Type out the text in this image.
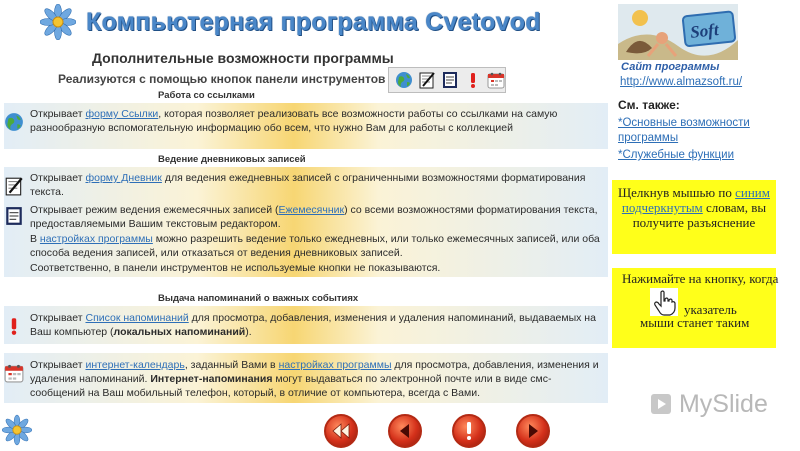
Компьютерная программа Cvetovod
Дополнительные возможности программы
Реализуются с помощью кнопок панели инструментов
Работа со ссылками
Открывает форму Ссылки, которая позволяет реализовать все возможности работы со ссылками на самую разнообразную вспомогательную информацию обо всем, что нужно Вам для работы с коллекцией
Ведение дневниковых записей
Открывает форму Дневник для ведения ежедневных записей с ограниченными возможностями форматирования текста.
Открывает режим ведения ежемесячных записей (Ежемесячник) со всеми возможностями форматирования текста, предоставляемыми Вашим текстовым редактором.
В настройках программы можно разрешить ведение только ежедневных, или только ежемесячных записей, или оба способа ведения записей, или отказаться от ведения дневниковых записей.
Соответственно, в панели инструментов не используемые кнопки не показываются.
Выдача напоминаний о важных событиях
Открывает Список напоминаний для просмотра, добавления, изменения и удаления напоминаний, выдаваемых на Ваш компьютер (локальных напоминаний).
Открывает интернет-календарь, заданный Вами в настройках программы для просмотра, добавления, изменения и удаления напоминаний. Интернет-напоминания могут выдаваться по электронной почте или в виде смс-сообщений на Ваш мобильный телефон, который, в отличие от компьютера, всегда с Вами.
Soft
Сайт программы
http://www.almazsoft.ru/
См. также:
*Основные возможности программы
*Служебные функции
Щелкнув мышью по синим подчеркнутым словам, вы получите разъяснение
Нажимайте на кнопку, когда
указатель
мыши станет таким
MySlide
